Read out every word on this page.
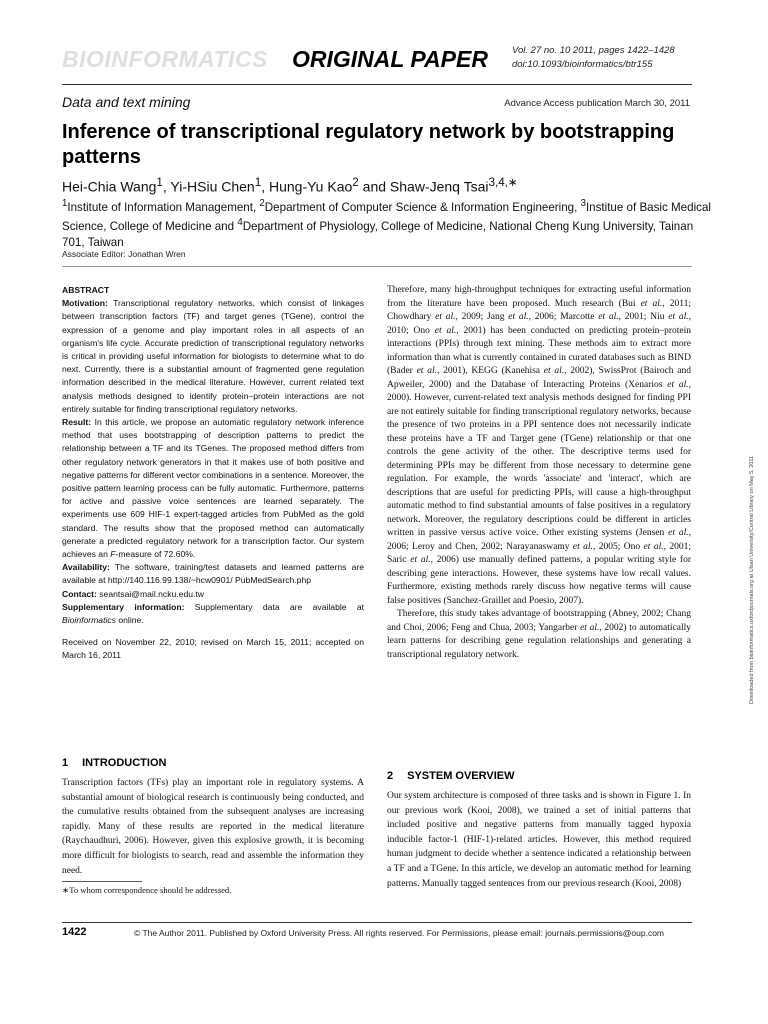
BIOINFORMATICS ORIGINAL PAPER	Vol. 27 no. 10 2011, pages 1422–1428
doi:10.1093/bioinformatics/btr155
Data and text mining	Advance Access publication March 30, 2011
Inference of transcriptional regulatory network by bootstrapping patterns
Hei-Chia Wang$^1$, Yi-HSiu Chen$^1$, Hung-Yu Kao$^2$ and Shaw-Jenq Tsai$^{3,4,∗}$
$^1$Institute of Information Management, $^2$Department of Computer Science & Information Engineering, $^3$Institue of Basic Medical Science, College of Medicine and $^4$Department of Physiology, College of Medicine, National Cheng Kung University, Tainan 701, Taiwan
Associate Editor: Jonathan Wren

ABSTRACT

Motivation: Transcriptional regulatory networks, which consist of linkages between transcription factors (TF) and target genes (TGene), control the expression of a genome and play important roles in all aspects of an organism's life cycle. Accurate prediction of transcriptional regulatory networks is critical in providing useful information for biologists to determine what to do next. Currently, there is a substantial amount of fragmented gene regulation information described in the medical literature. However, current related text analysis methods designed to identify protein–protein interactions are not entirely suitable for finding transcriptional regulatory networks.

Result: In this article, we propose an automatic regulatory network inference method that uses bootstrapping of description patterns to predict the relationship between a TF and its TGenes. The proposed method differs from other regulatory network generators in that it makes use of both positive and negative patterns for different vector combinations in a sentence. Moreover, the positive pattern learning process can be fully automatic. Furthermore, patterns for active and passive voice sentences are learned separately. The experiments use 609 HIF-1 expert-tagged articles from PubMed as the gold standard. The results show that the proposed method can automatically generate a predicted regulatory network for a transcription factor. Our system achieves an F-measure of 72.60%.

Availability: The software, training/test datasets and learned patterns are available at http://140.116.99.138/~hcw0901/ PubMedSearch.php

Contact: seantsai@mail.ncku.edu.tw

Supplementary information: Supplementary data are available at Bioinformatics online.

Received on November 22, 2010; revised on March 15, 2011; accepted on March 16, 2011

1 INTRODUCTION
Transcription factors (TFs) play an important role in regulatory systems. A substantial amount of biological research is continuously being conducted, and the cumulative results obtained from the subsequent analyses are increasing rapidly. Many of these results are reported in the medical literature (Raychaudhuri, 2006). However, given this explosive growth, it is becoming more difficult for biologists to search, read and assemble the information they need.
∗To whom correspondence should be addressed.

Therefore, many high-throughput techniques for extracting useful information from the literature have been proposed. Much research (Bui et al., 2011; Chowdhary et al., 2009; Jang et al., 2006; Marcotte et al., 2001; Niu et al., 2010; Ono et al., 2001) has been conducted on predicting protein–protein interactions (PPIs) through text mining. These methods aim to extract more information than what is currently contained in curated databases such as BIND (Bader et al., 2001), KEGG (Kanehisa et al., 2002), SwissProt (Bairoch and Apweiler, 2000) and the Database of Interacting Proteins (Xenarios et al., 2000). However, current-related text analysis methods designed for finding PPI are not entirely suitable for finding transcriptional regulatory networks, because the presence of two proteins in a PPI sentence does not necessarily indicate these proteins have a TF and Target gene (TGene) relationship or that one controls the gene activity of the other. The descriptive terms used for determining PPIs may be different from those necessary to determine gene regulation. For example, the words 'associate' and 'interact', which are descriptions that are useful for predicting PPIs, will cause a high-throughput automatic method to find substantial amounts of false positives in a regulatory network. Moreover, the regulatory descriptions could be different in articles written in passive versus active voice. Other existing systems (Jensen et al., 2006; Leroy and Chen, 2002; Narayanaswamy et al., 2005; Ono et al., 2001; Saric et al., 2006) use manually defined patterns, a popular writing style for describing gene interactions. However, these systems have low recall values. Furthermore, existing methods rarely discuss how negative terms will cause false positives (Sanchez-Graillet and Poesio, 2007).

Therefore, this study takes advantage of bootstrapping (Abney, 2002; Chang and Choi, 2006; Feng and Chua, 2003; Yangarber et al., 2002) to automatically learn patterns for describing gene regulation relationships and generating a transcriptional regulatory network.

2 SYSTEM OVERVIEW
Our system architecture is composed of three tasks and is shown in Figure 1. In our previous work (Kooi, 2008), we trained a set of initial patterns that included positive and negative patterns from manually tagged hypoxia inducible factor-1 (HIF-1)-related articles. However, this method required human judgment to decide whether a sentence indicated a relationship between a TF and a TGene. In this article, we develop an automatic method for learning patterns. Manually tagged sentences from our previous research (Kooi, 2008)
Downloaded from bioinformatics.oxfordjournals.org at Ulsan University/Central Library on May 5, 2011
1422	© The Author 2011. Published by Oxford University Press. All rights reserved. For Permissions, please email: journals.permissions@oup.com
